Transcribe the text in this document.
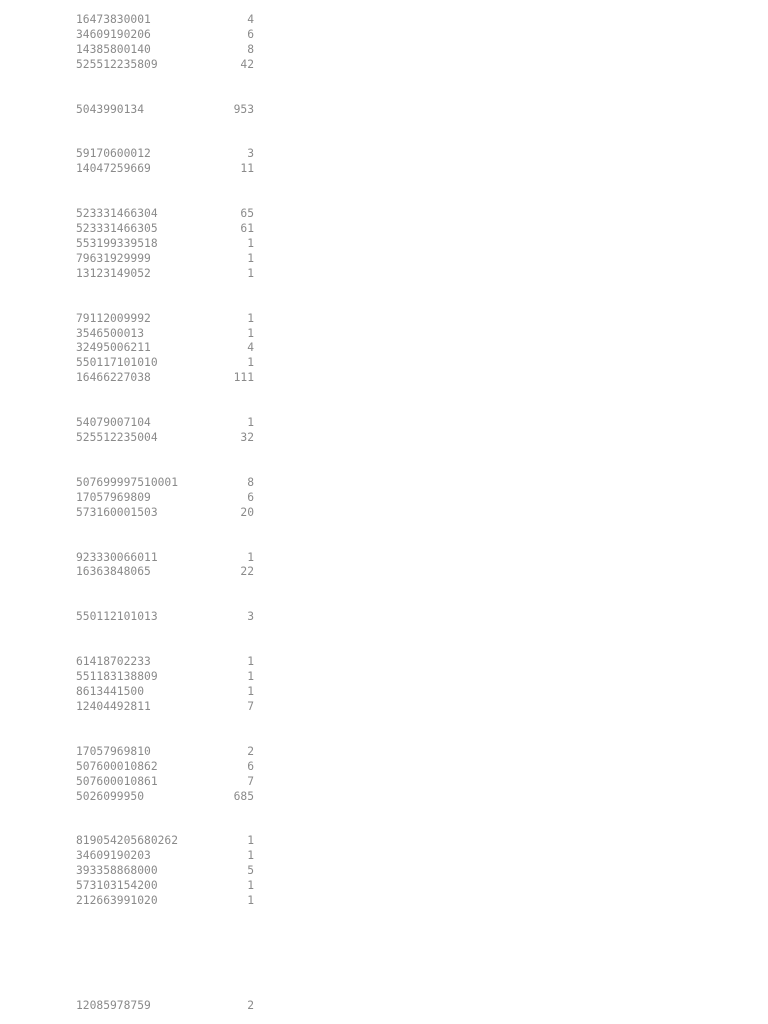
16473830001	4
34609190206	6
14385800140	8
525512235809	42
5043990134	953
59170600012	3
14047259669	11
523331466304	65
523331466305	61
553199339518	1
79631929999	1
13123149052	1
79112009992	1
3546500013	1
32495006211	4
550117101010	1
16466227038	111
54079007104	1
525512235004	32
507699997510001	8
17057969809	6
573160001503	20
923330066011	1
16363848065	22
550112101013	3
61418702233	1
551183138809	1
8613441500	1
12404492811	7
17057969810	2
507600010862	6
507600010861	7
5026099950	685
819054205680262	1
34609190203	1
393358868000	5
573103154200	1
212663991020	1
12085978759	2
